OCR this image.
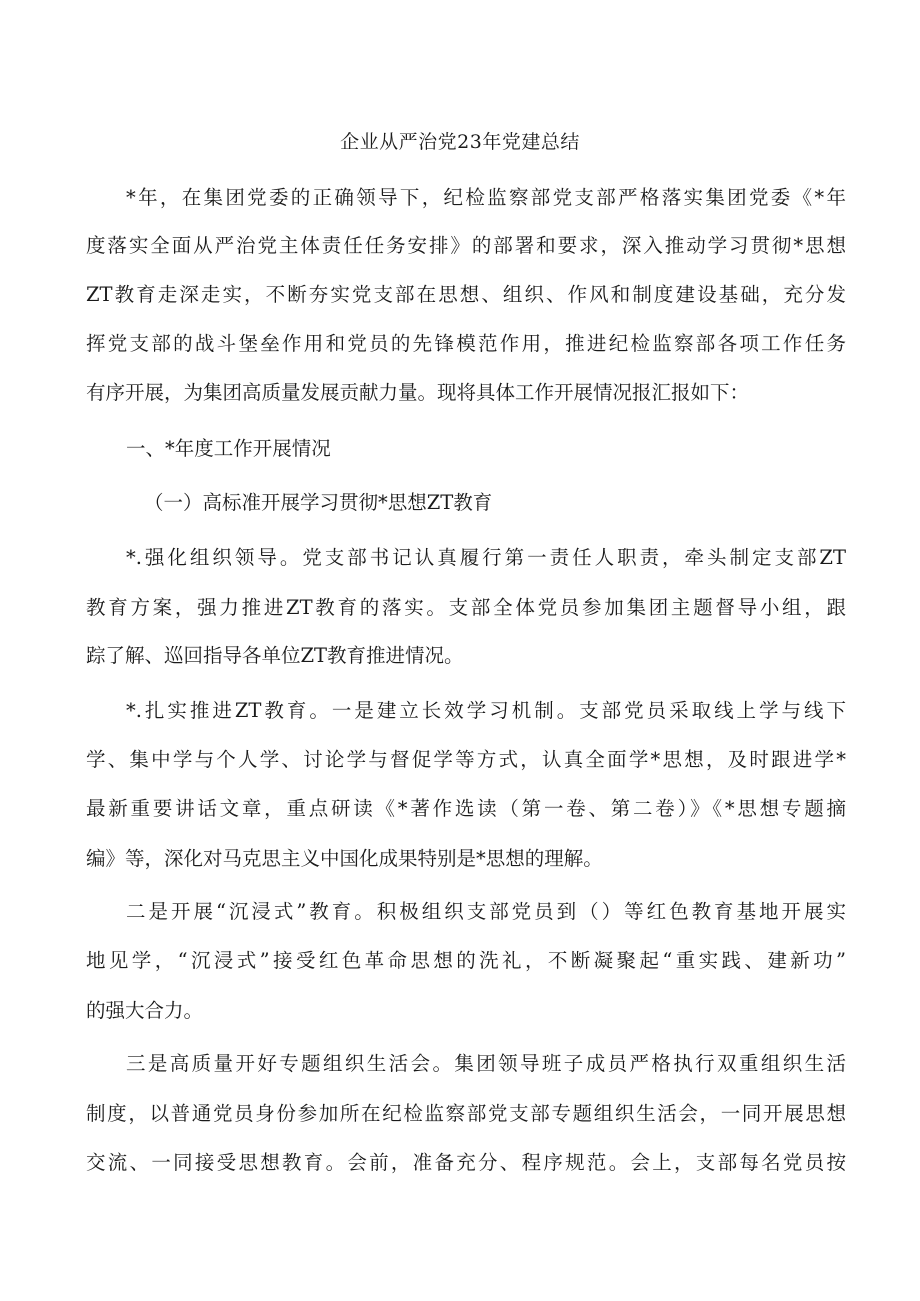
企业从严治党23年党建总结
*年，在集团党委的正确领导下，纪检监察部党支部严格落实集团党委《*年
度落实全面从严治党主体责任任务安排》的部署和要求，深入推动学习贯彻*思想
ZT教育走深走实，不断夯实党支部在思想、组织、作风和制度建设基础，充分发
挥党支部的战斗堡垒作用和党员的先锋模范作用，推进纪检监察部各项工作任务
有序开展，为集团高质量发展贡献力量。现将具体工作开展情况报汇报如下：
一、*年度工作开展情况
（一）高标准开展学习贯彻*思想ZT教育
*.强化组织领导。党支部书记认真履行第一责任人职责，牵头制定支部ZT
教育方案，强力推进ZT教育的落实。支部全体党员参加集团主题督导小组，跟
踪了解、巡回指导各单位ZT教育推进情况。
*.扎实推进ZT教育。一是建立长效学习机制。支部党员采取线上学与线下
学、集中学与个人学、讨论学与督促学等方式，认真全面学*思想，及时跟进学*
最新重要讲话文章，重点研读《*著作选读（第一卷、第二卷）》《*思想专题摘
编》等，深化对马克思主义中国化成果特别是*思想的理解。
二是开展“沉浸式”教育。积极组织支部党员到（）等红色教育基地开展实
地见学，“沉浸式”接受红色革命思想的洗礼，不断凝聚起“重实践、建新功”
的强大合力。
三是高质量开好专题组织生活会。集团领导班子成员严格执行双重组织生活
制度，以普通党员身份参加所在纪检监察部党支部专题组织生活会，一同开展思想
交流、一同接受思想教育。会前，准备充分、程序规范。会上，支部每名党员按
